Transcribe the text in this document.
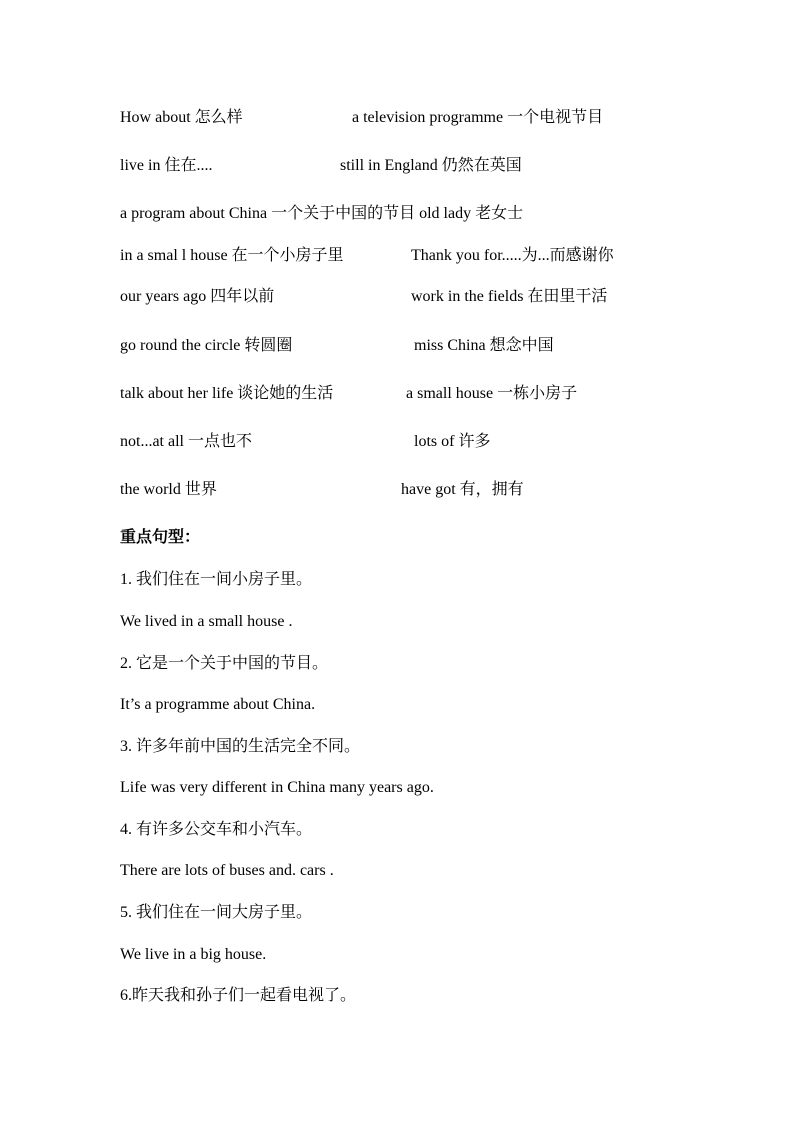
How about 怎么样	a television programme 一个电视节目
live in 住在....	still in England 仍然在英国
a program about China 一个关于中国的节目 old lady 老女士
in a smal l house 在一个小房子里	Thank you for.....为...而感谢你
our years ago 四年以前	work in the fields 在田里干活
go round the circle 转圆圈	miss China 想念中国
talk about her life 谈论她的生活	a small house 一栋小房子
not...at all 一点也不	lots of 许多
the world 世界	have got 有，拥有
重点句型：
1. 我们住在一间小房子里。
We lived in a small house .
2. 它是一个关于中国的节目。
It’s a programme about China.
3. 许多年前中国的生活完全不同。
Life was very different in China many years ago.
4. 有许多公交车和小汽车。
There are lots of buses and. cars .
5. 我们住在一间大房子里。
We live in a big house.
6.昨天我和孙子们一起看电视了。
